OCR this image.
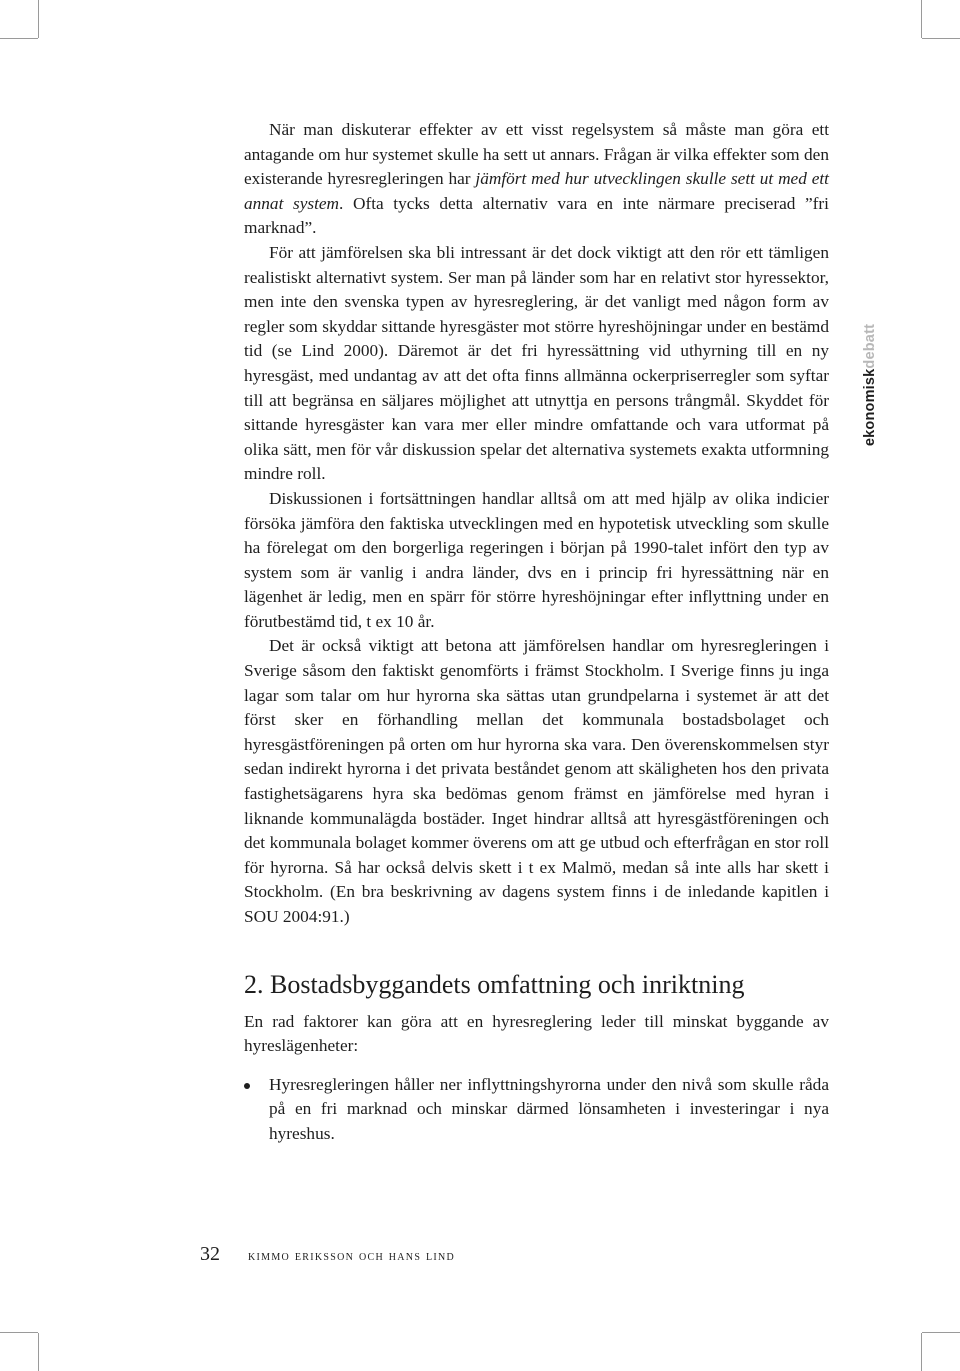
När man diskuterar effekter av ett visst regelsystem så måste man göra ett antagande om hur systemet skulle ha sett ut annars. Frågan är vilka effekter som den existerande hyresregleringen har jämfört med hur utvecklingen skulle sett ut med ett annat system. Ofta tycks detta alternativ vara en inte närmare preciserad ”fri marknad”.

För att jämförelsen ska bli intressant är det dock viktigt att den rör ett tämligen realistiskt alternativt system. Ser man på länder som har en relativt stor hyressektor, men inte den svenska typen av hyresreglering, är det vanligt med någon form av regler som skyddar sittande hyresgäster mot större hyreshöjningar under en bestämd tid (se Lind 2000). Däremot är det fri hyressättning vid uthyrning till en ny hyresgäst, med undantag av att det ofta finns allmänna ockerpriserregler som syftar till att begränsa en säljares möjlighet att utnyttja en persons trångmål. Skyddet för sittande hyresgäster kan vara mer eller mindre omfattande och vara utformat på olika sätt, men för vår diskussion spelar det alternativa systemets exakta utformning mindre roll.

Diskussionen i fortsättningen handlar alltså om att med hjälp av olika indicier försöka jämföra den faktiska utvecklingen med en hypotetisk utveckling som skulle ha förelegat om den borgerliga regeringen i början på 1990-talet infört den typ av system som är vanlig i andra länder, dvs en i princip fri hyressättning när en lägenhet är ledig, men en spärr för större hyreshöjningar efter inflyttning under en förutbestämd tid, t ex 10 år.

Det är också viktigt att betona att jämförelsen handlar om hyresregleringen i Sverige såsom den faktiskt genomförts i främst Stockholm. I Sverige finns ju inga lagar som talar om hur hyrorna ska sättas utan grundpelarna i systemet är att det först sker en förhandling mellan det kommunala bostadsbolaget och hyresgästföreningen på orten om hur hyrorna ska vara. Den överenskommelsen styr sedan indirekt hyrorna i det privata beståndet genom att skäligheten hos den privata fastighetsägarens hyra ska bedömas genom främst en jämförelse med hyran i liknande kommunalägda bostäder. Inget hindrar alltså att hyresgästföreningen och det kommunala bolaget kommer överens om att ge utbud och efterfrågan en stor roll för hyrorna. Så har också delvis skett i t ex Malmö, medan så inte alls har skett i Stockholm. (En bra beskrivning av dagens system finns i de inledande kapitlen i SOU 2004:91.)

2. Bostadsbyggandets omfattning och inriktning

En rad faktorer kan göra att en hyresreglering leder till minskat byggande av hyreslägenheter:

Hyresregleringen håller ner inflyttningshyrorna under den nivå som skulle råda på en fri marknad och minskar därmed lönsamheten i investeringar i nya hyreshus.
ekonomiskdebatt
32 kimmo eriksson och hans lind
